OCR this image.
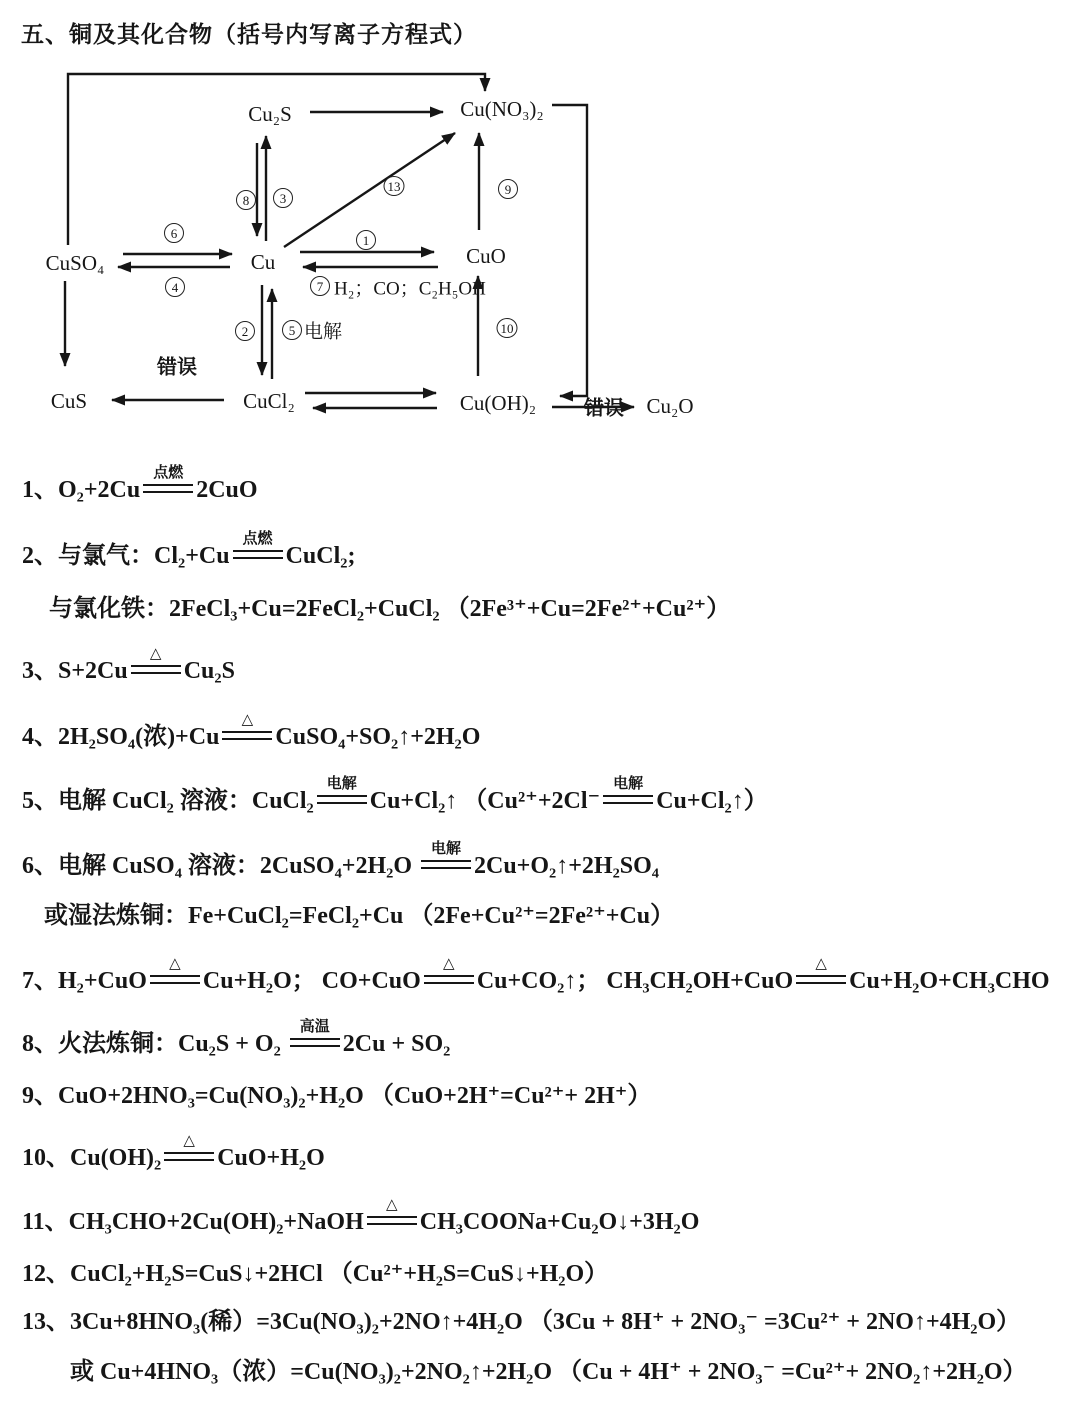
五、铜及其化合物（括号内写离子方程式）
Cu₂S	Cu(NO₃)₂
CuSO₄	Cu	CuO
CuS	CuCl₂	Cu(OH)₂	Cu₂O
1
2
3
4
5
6
7
8
9
10
13
错误
错误
H₂；CO；C₂H₅OH
电解
1、O₂+2Cu
点燃
2CuO
2、与氯气：Cl₂+Cu
点燃
CuCl₂;
与氯化铁：2FeCl₃+Cu=2FeCl₂+CuCl₂ （2Fe³⁺+Cu=2Fe²⁺+Cu²⁺）
3、S+2Cu
△
Cu₂S
4、2H₂SO₄(浓)+Cu
△
CuSO₄+SO₂↑+2H₂O
5、电解 CuCl₂ 溶液：CuCl₂
电解
Cu+Cl₂↑ （Cu²⁺+2Cl⁻
电解
Cu+Cl₂↑）
6、电解 CuSO₄ 溶液：2CuSO₄+2H₂O
电解
2Cu+O₂↑+2H₂SO₄
或湿法炼铜：Fe+CuCl₂=FeCl₂+Cu （2Fe+Cu²⁺=2Fe²⁺+Cu）
7、H₂+CuO
△
Cu+H₂O； CO+CuO
△
Cu+CO₂↑； CH₃CH₂OH+CuO
△
Cu+H₂O+CH₃CHO
8、火法炼铜：Cu₂S + O₂
高温
2Cu + SO₂
9、CuO+2HNO₃=Cu(NO₃)₂+H₂O （CuO+2H⁺=Cu²⁺+ 2H⁺）
10、Cu(OH)₂
△
CuO+H₂O
11、CH₃CHO+2Cu(OH)₂+NaOH
△
CH₃COONa+Cu₂O↓+3H₂O
12、CuCl₂+H₂S=CuS↓+2HCl （Cu²⁺+H₂S=CuS↓+H₂O）
13、3Cu+8HNO₃(稀）=3Cu(NO₃)₂+2NO↑+4H₂O （3Cu + 8H⁺ + 2NO₃⁻ =3Cu²⁺ + 2NO↑+4H₂O）
或 Cu+4HNO₃（浓）=Cu(NO₃)₂+2NO₂↑+2H₂O （Cu + 4H⁺ + 2NO₃⁻ =Cu²⁺+ 2NO₂↑+2H₂O）
